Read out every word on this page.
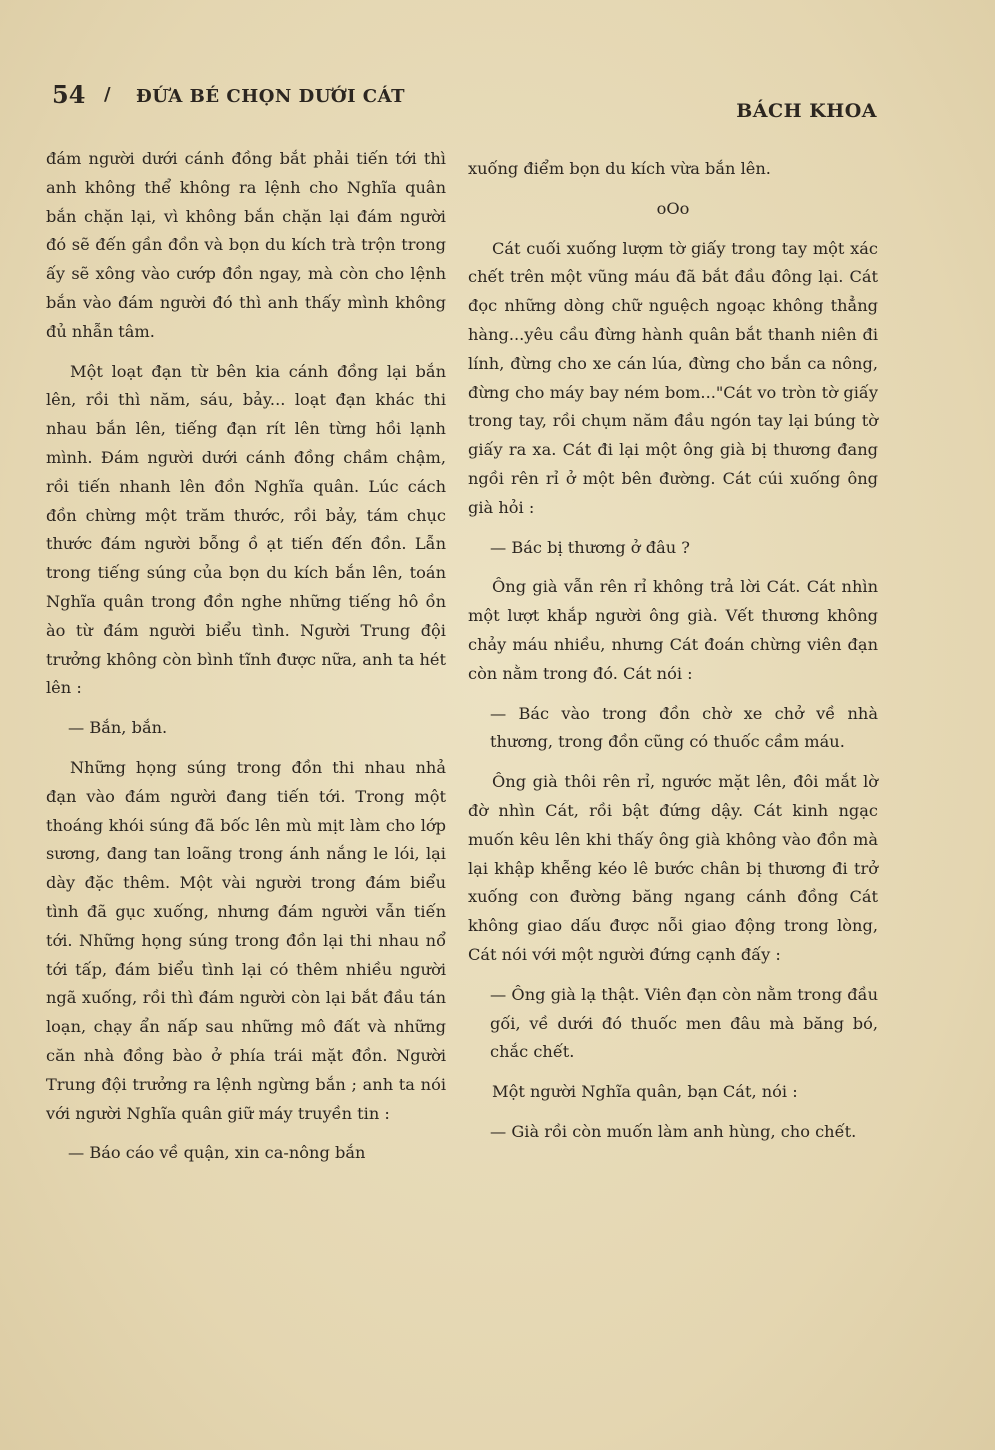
54 / ĐỨA BÉ CHỌN DƯỚI CÁT
BÁCH KHOA

đám người dưới cánh đồng bắt phải tiến tới thì anh không thể không ra lệnh cho Nghĩa quân bắn chặn lại, vì không bắn chặn lại đám người đó sẽ đến gần đồn và bọn du kích trà trộn trong ấy sẽ xông vào cướp đồn ngay, mà còn cho lệnh bắn vào đám người đó thì anh thấy mình không đủ nhẫn tâm.

Một loạt đạn từ bên kia cánh đồng lại bắn lên, rồi thì năm, sáu, bảy... loạt đạn khác thi nhau bắn lên, tiếng đạn rít lên từng hồi lạnh mình. Đám người dưới cánh đồng chầm chậm, rồi tiến nhanh lên đồn Nghĩa quân. Lúc cách đồn chừng một trăm thước, rồi bảy, tám chục thước đám người bỗng ồ ạt tiến đến đồn. Lẫn trong tiếng súng của bọn du kích bắn lên, toán Nghĩa quân trong đồn nghe những tiếng hô ồn ào từ đám người biểu tình. Người Trung đội trưởng không còn bình tĩnh được nữa, anh ta hét lên :

— Bắn, bắn.

Những họng súng trong đồn thi nhau nhả đạn vào đám người đang tiến tới. Trong một thoáng khói súng đã bốc lên mù mịt làm cho lớp sương, đang tan loãng trong ánh nắng le lói, lại dày đặc thêm. Một vài người trong đám biểu tình đã gục xuống, nhưng đám người vẫn tiến tới. Những họng súng trong đồn lại thi nhau nổ tới tấp, đám biểu tình lại có thêm nhiều người ngã xuống, rồi thì đám người còn lại bắt đầu tán loạn, chạy ẩn nấp sau những mô đất và những căn nhà đồng bào ở phía trái mặt đồn. Người Trung đội trưởng ra lệnh ngừng bắn ; anh ta nói với người Nghĩa quân giữ máy truyền tin :

— Báo cáo về quận, xin ca-nông bắn

xuống điểm bọn du kích vừa bắn lên.

oOo

Cát cuối xuống lượm tờ giấy trong tay một xác chết trên một vũng máu đã bắt đầu đông lại. Cát đọc những dòng chữ nguệch ngoạc không thẳng hàng...yêu cầu đừng hành quân bắt thanh niên đi lính, đừng cho xe cán lúa, đừng cho bắn ca nông, đừng cho máy bay ném bom..."Cát vo tròn tờ giấy trong tay, rồi chụm năm đầu ngón tay lại búng tờ giấy ra xa. Cát đi lại một ông già bị thương đang ngồi rên rỉ ở một bên đường. Cát cúi xuống ông già hỏi :

— Bác bị thương ở đâu ?

Ông già vẫn rên rỉ không trả lời Cát. Cát nhìn một lượt khắp người ông già. Vết thương không chảy máu nhiều, nhưng Cát đoán chừng viên đạn còn nằm trong đó. Cát nói :

— Bác vào trong đồn chờ xe chở về nhà thương, trong đồn cũng có thuốc cầm máu.

Ông già thôi rên rỉ, ngước mặt lên, đôi mắt lờ đờ nhìn Cát, rồi bật đứng dậy. Cát kinh ngạc muốn kêu lên khi thấy ông già không vào đồn mà lại khập khễng kéo lê bước chân bị thương đi trở xuống con đường băng ngang cánh đồng Cát không giao dấu được nỗi giao động trong lòng, Cát nói với một người đứng cạnh đấy :

— Ông già lạ thật. Viên đạn còn nằm trong đầu gối, về dưới đó thuốc men đâu mà băng bó, chắc chết.

Một người Nghĩa quân, bạn Cát, nói :

— Già rồi còn muốn làm anh hùng, cho chết.
